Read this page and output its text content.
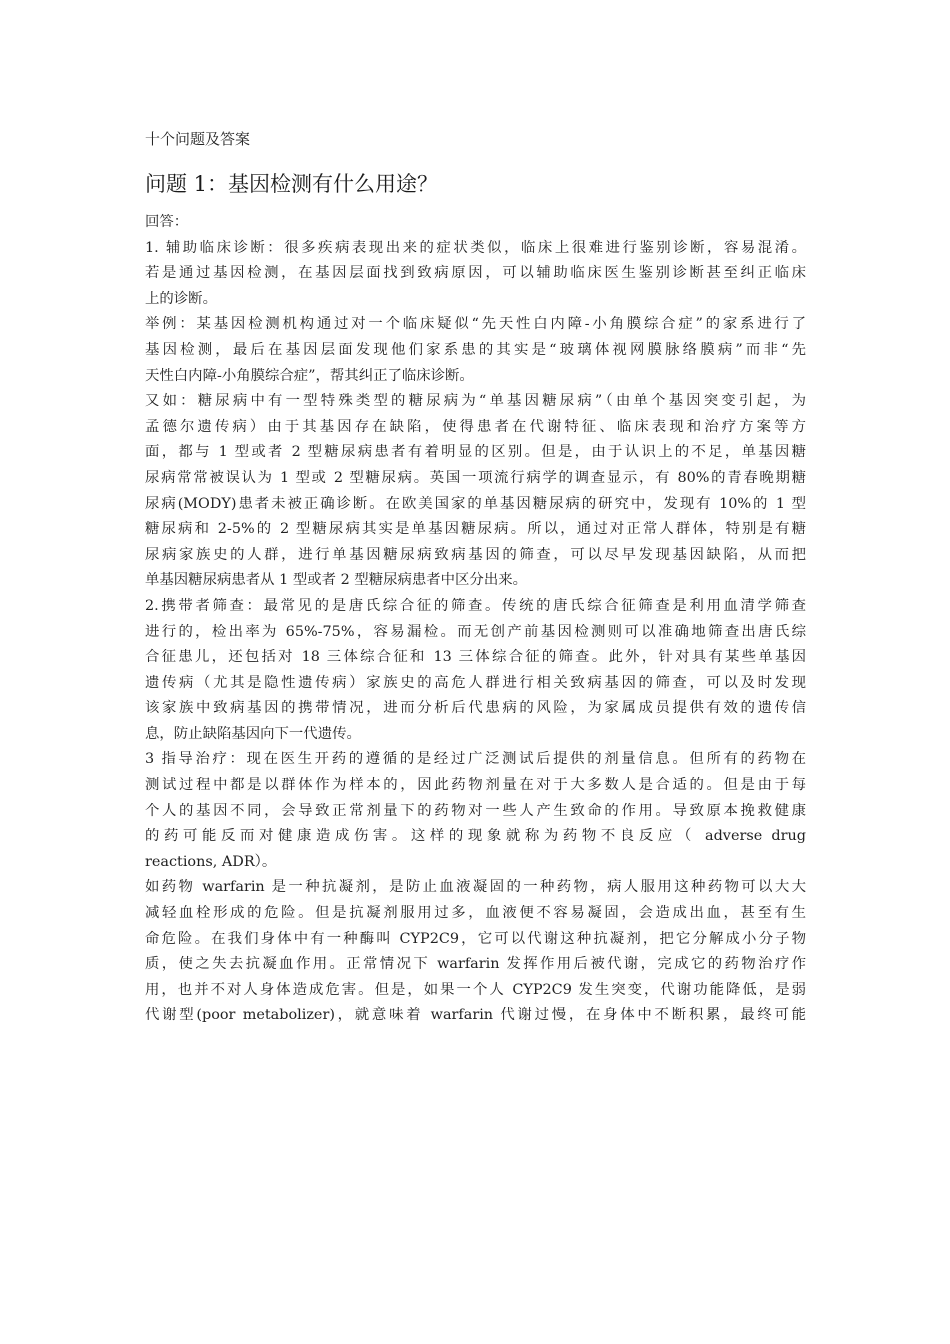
十个问题及答案
问题 1：基因检测有什么用途？
回答：
1. 辅助临床诊断：很多疾病表现出来的症状类似，临床上很难进行鉴别诊断，容易混淆。
若是通过基因检测，在基因层面找到致病原因，可以辅助临床医生鉴别诊断甚至纠正临床
上的诊断。
举例：某基因检测机构通过对一个临床疑似“先天性白内障-小角膜综合症”的家系进行了
基因检测，最后在基因层面发现他们家系患的其实是“玻璃体视网膜脉络膜病”而非“先
天性白内障-小角膜综合症”，帮其纠正了临床诊断。
又如：糖尿病中有一型特殊类型的糖尿病为“单基因糖尿病”（由单个基因突变引起，为
孟德尔遗传病）由于其基因存在缺陷，使得患者在代谢特征、临床表现和治疗方案等方
面，都与 1 型或者 2 型糖尿病患者有着明显的区别。但是，由于认识上的不足，单基因糖
尿病常常被误认为 1 型或 2 型糖尿病。英国一项流行病学的调查显示，有 80%的青春晚期糖
尿病(MODY)患者未被正确诊断。在欧美国家的单基因糖尿病的研究中，发现有 10%的 1 型
糖尿病和 2-5%的 2 型糖尿病其实是单基因糖尿病。所以，通过对正常人群体，特别是有糖
尿病家族史的人群，进行单基因糖尿病致病基因的筛查，可以尽早发现基因缺陷，从而把
单基因糖尿病患者从 1 型或者 2 型糖尿病患者中区分出来。
2.携带者筛查：最常见的是唐氏综合征的筛查。传统的唐氏综合征筛查是利用血清学筛查
进行的，检出率为 65%-75%，容易漏检。而无创产前基因检测则可以准确地筛查出唐氏综
合征患儿，还包括对 18 三体综合征和 13 三体综合征的筛查。此外，针对具有某些单基因
遗传病（尤其是隐性遗传病）家族史的高危人群进行相关致病基因的筛查，可以及时发现
该家族中致病基因的携带情况，进而分析后代患病的风险，为家属成员提供有效的遗传信
息，防止缺陷基因向下一代遗传。
3 指导治疗：现在医生开药的遵循的是经过广泛测试后提供的剂量信息。但所有的药物在
测试过程中都是以群体作为样本的，因此药物剂量在对于大多数人是合适的。但是由于每
个人的基因不同，会导致正常剂量下的药物对一些人产生致命的作用。导致原本挽救健康
的药可能反而对健康造成伤害。这样的现象就称为药物不良反应（ adverse drug
reactions, ADR）。
如药物 warfarin 是一种抗凝剂，是防止血液凝固的一种药物，病人服用这种药物可以大大
减轻血栓形成的危险。但是抗凝剂服用过多，血液便不容易凝固，会造成出血，甚至有生
命危险。在我们身体中有一种酶叫 CYP2C9，它可以代谢这种抗凝剂，把它分解成小分子物
质，使之失去抗凝血作用。正常情况下 warfarin 发挥作用后被代谢，完成它的药物治疗作
用，也并不对人身体造成危害。但是，如果一个人 CYP2C9 发生突变，代谢功能降低，是弱
代谢型(poor metabolizer)，就意味着 warfarin 代谢过慢，在身体中不断积累，最终可能
